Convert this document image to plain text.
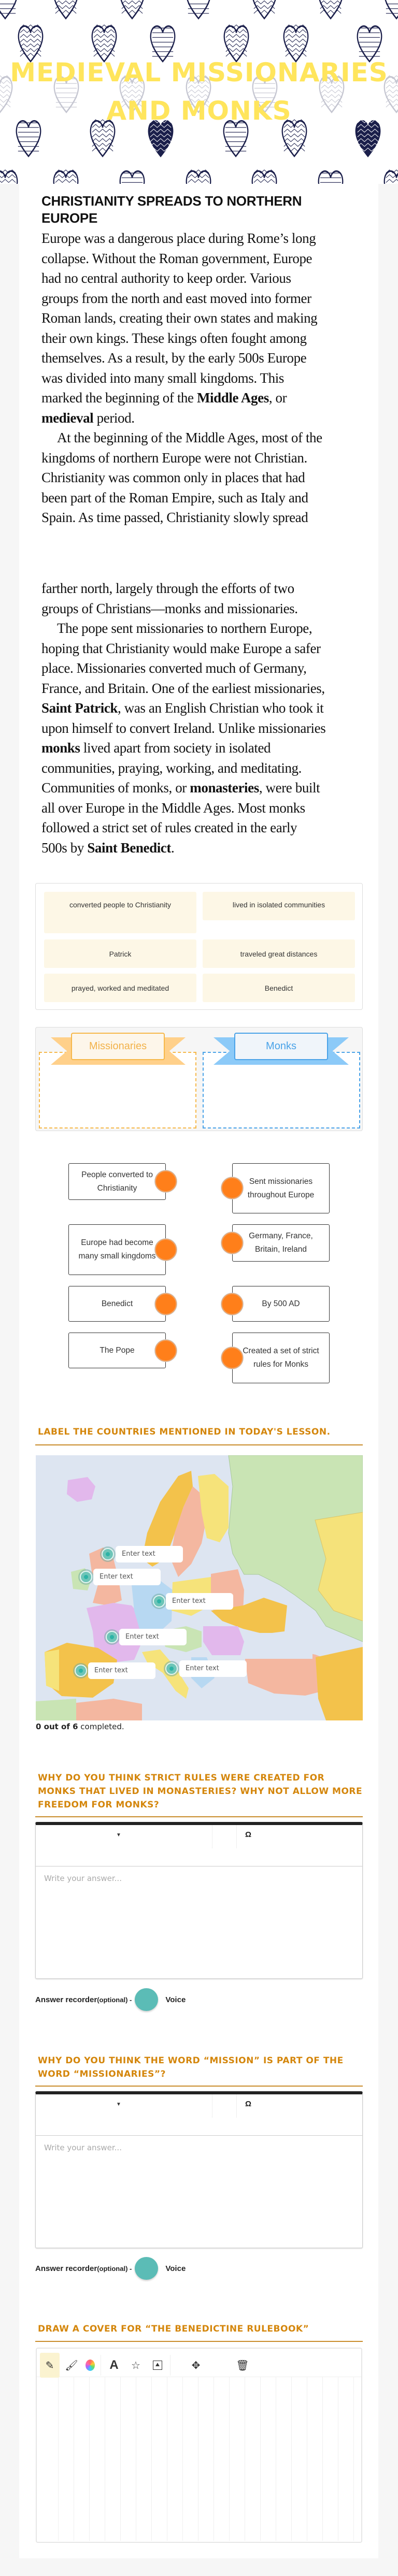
MEDIEVAL MISSIONARIES
AND MONKS
CHRISTIANITY SPREADS TO NORTHERN
EUROPE
Europe was a dangerous place during Rome’s long
collapse. Without the Roman government, Europe
had no central authority to keep order. Various
groups from the north and east moved into former
Roman lands, creating their own states and making
their own kings. These kings often fought among
themselves. As a result, by the early 500s Europe
was divided into many small kingdoms. This
marked the beginning of the Middle Ages, or
medieval period.
At the beginning of the Middle Ages, most of the
kingdoms of northern Europe were not Christian.
Christianity was common only in places that had
been part of the Roman Empire, such as Italy and
Spain. As time passed, Christianity slowly spread
farther north, largely through the efforts of two
groups of Christians—monks and missionaries.
The pope sent missionaries to northern Europe,
hoping that Christianity would make Europe a safer
place. Missionaries converted much of Germany,
France, and Britain. One of the earliest missionaries,
Saint Patrick, was an English Christian who took it
upon himself to convert Ireland. Unlike missionaries
monks lived apart from society in isolated
communities, praying, working, and meditating.
Communities of monks, or monasteries, were built
all over Europe in the Middle Ages. Most monks
followed a strict set of rules created in the early
500s by Saint Benedict.
converted people to Christianity	lived in isolated communities
Patrick	traveled great distances
prayed, worked and meditated	Benedict
Missionaries	Monks
People converted to Christianity
Europe had become many small kingdoms
Benedict
The Pope
Sent missionaries throughout Europe
Germany, France, Britain, Ireland
By 500 AD
Created a set of strict rules for Monks
LABEL THE COUNTRIES MENTIONED IN TODAY'S LESSON.
Enter text
Enter text
Enter text
Enter text
Enter text	Enter text
0 out of 6 completed.
WHY DO YOU THINK STRICT RULES WERE CREATED FOR MONKS THAT LIVED IN MONASTERIES? WHY NOT ALLOW MORE FREEDOM FOR MONKS?
▼	Ω
Write your answer...
Answer recorder (optional) -	Voice
WHY DO YOU THINK THE WORD “MISSION” IS PART OF THE WORD “MISSIONARIES”?
▼	Ω
Write your answer...
Answer recorder (optional) -	Voice
DRAW A COVER FOR “THE BENEDICTINE RULEBOOK”
✎	🖌︎	A	☆	⛰	✥	🗑︎
